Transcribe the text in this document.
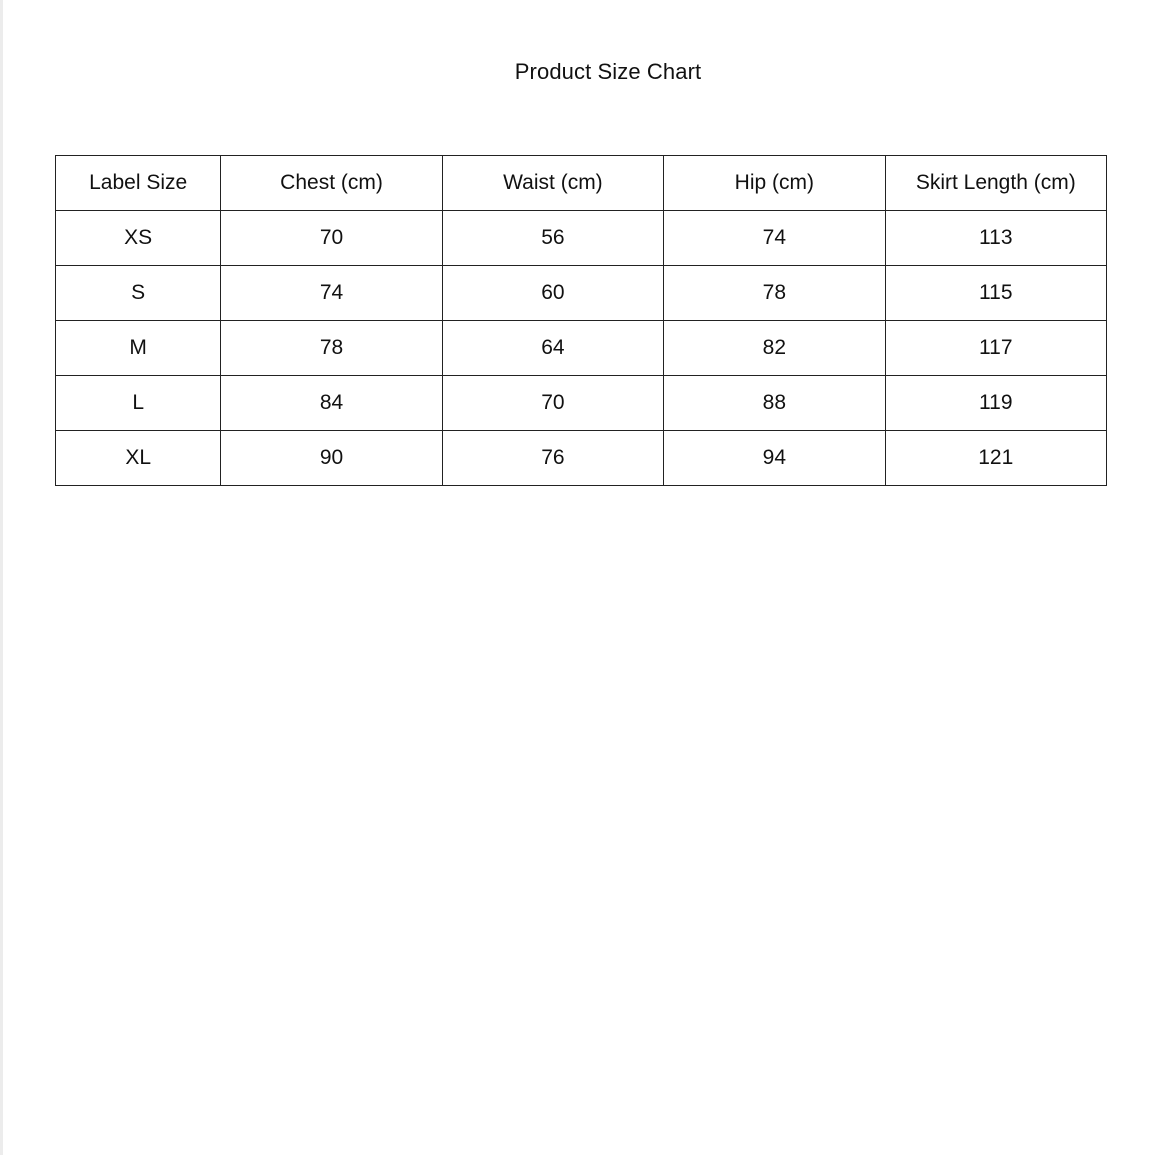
Product Size Chart
Label Size	Chest (cm)	Waist (cm)	Hip (cm)	Skirt Length (cm)
XS	70	56	74	113
S	74	60	78	115
M	78	64	82	117
L	84	70	88	119
XL	90	76	94	121
